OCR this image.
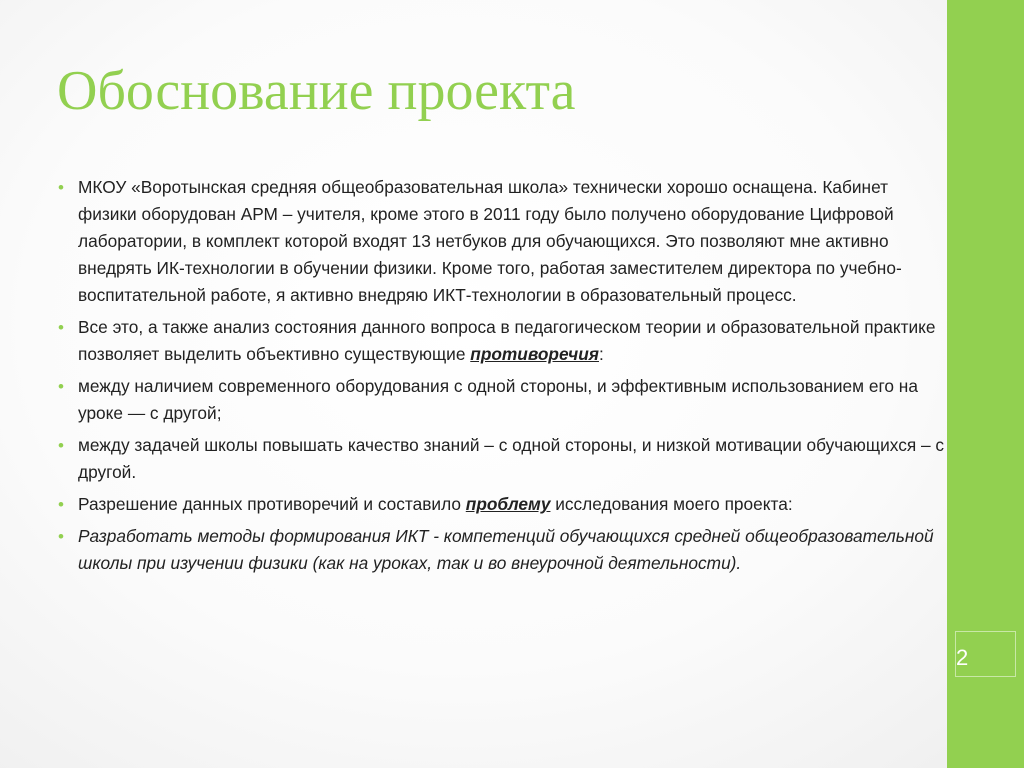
2
Обоснование проекта
• МКОУ «Воротынская средняя общеобразовательная школа» технически хорошо оснащена. Кабинет физики оборудован АРМ – учителя, кроме этого в 2011 году было получено оборудование Цифровой лаборатории, в комплект которой входят 13 нетбуков для обучающихся. Это позволяют мне активно внедрять ИК-технологии в обучении физики. Кроме того, работая заместителем директора по учебно-воспитательной работе, я активно внедряю ИКТ-технологии в образовательный процесс.
• Все это, а также анализ состояния данного вопроса в педагогическом теории и образовательной практике позволяет выделить объективно существующие противоречия:
• между наличием современного оборудования с одной стороны, и эффективным использованием его на уроке — с другой;
• между задачей школы повышать качество знаний – с одной стороны, и низкой мотивации обучающихся – с другой.
• Разрешение данных противоречий и составило проблему исследования моего проекта:
• Разработать методы формирования ИКТ - компетенций обучающихся средней общеобразовательной школы при изучении физики (как на уроках, так и во внеурочной деятельности).
